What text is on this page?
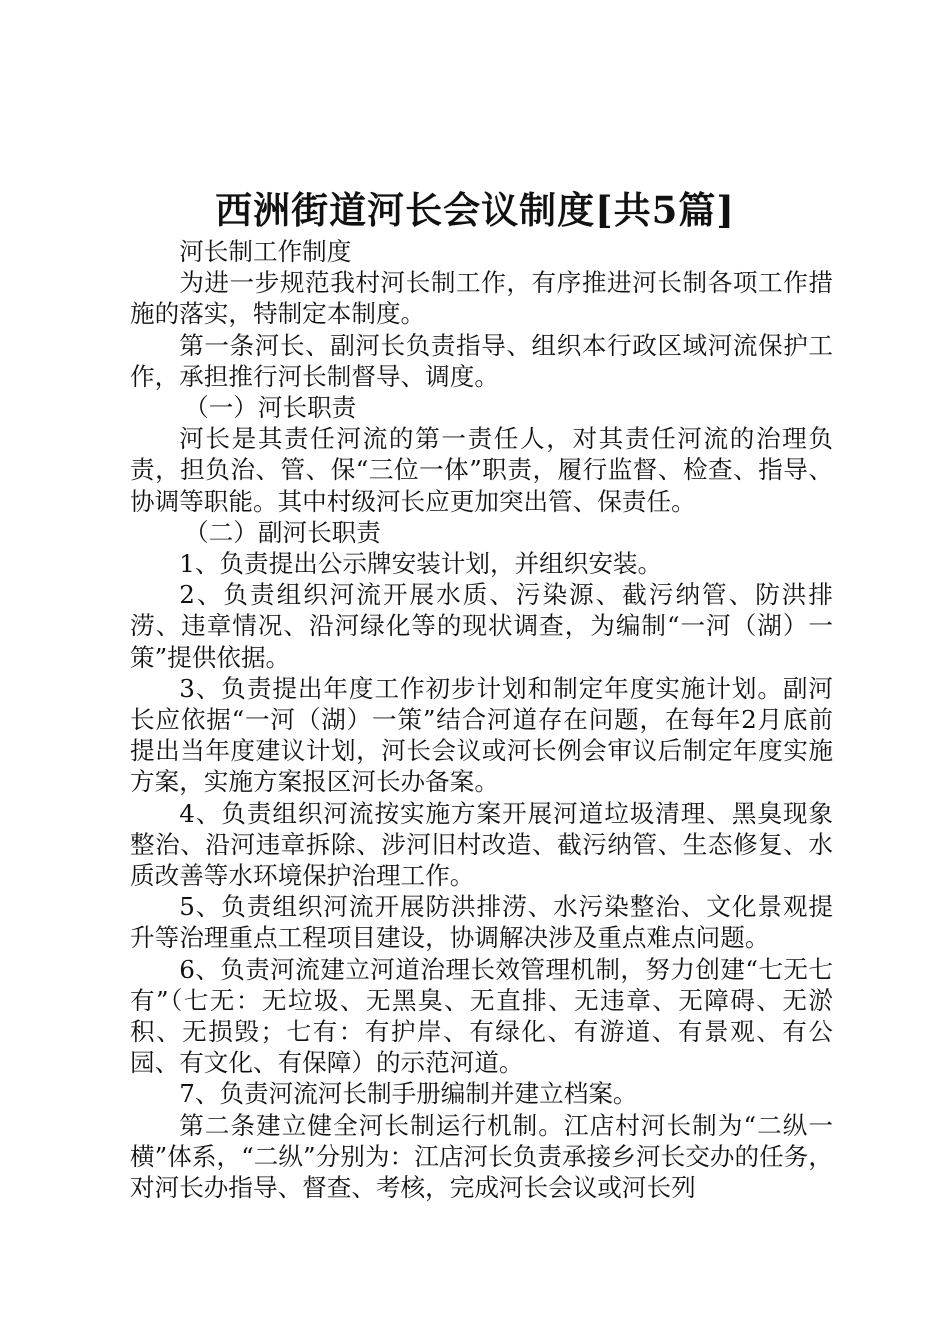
西洲街道河长会议制度[共5篇]

河长制工作制度

为进一步规范我村河长制工作，有序推进河长制各项工作措施的落实，特制定本制度。

第一条河长、副河长负责指导、组织本行政区域河流保护工作，承担推行河长制督导、调度。

（一）河长职责

河长是其责任河流的第一责任人，对其责任河流的治理负责，担负治、管、保“三位一体”职责，履行监督、检查、指导、协调等职能。其中村级河长应更加突出管、保责任。

（二）副河长职责

1、负责提出公示牌安装计划，并组织安装。

2、负责组织河流开展水质、污染源、截污纳管、防洪排涝、违章情况、沿河绿化等的现状调查，为编制“一河（湖）一策”提供依据。

3、负责提出年度工作初步计划和制定年度实施计划。副河长应依据“一河（湖）一策”结合河道存在问题，在每年2月底前提出当年度建议计划，河长会议或河长例会审议后制定年度实施方案，实施方案报区河长办备案。

4、负责组织河流按实施方案开展河道垃圾清理、黑臭现象整治、沿河违章拆除、涉河旧村改造、截污纳管、生态修复、水质改善等水环境保护治理工作。

5、负责组织河流开展防洪排涝、水污染整治、文化景观提升等治理重点工程项目建设，协调解决涉及重点难点问题。

6、负责河流建立河道治理长效管理机制，努力创建“七无七有”（七无：无垃圾、无黑臭、无直排、无违章、无障碍、无淤积、无损毁；七有：有护岸、有绿化、有游道、有景观、有公园、有文化、有保障）的示范河道。

7、负责河流河长制手册编制并建立档案。

第二条建立健全河长制运行机制。江店村河长制为“二纵一横”体系，“二纵”分别为：江店河长负责承接乡河长交办的任务，对河长办指导、督查、考核，完成河长会议或河长列
